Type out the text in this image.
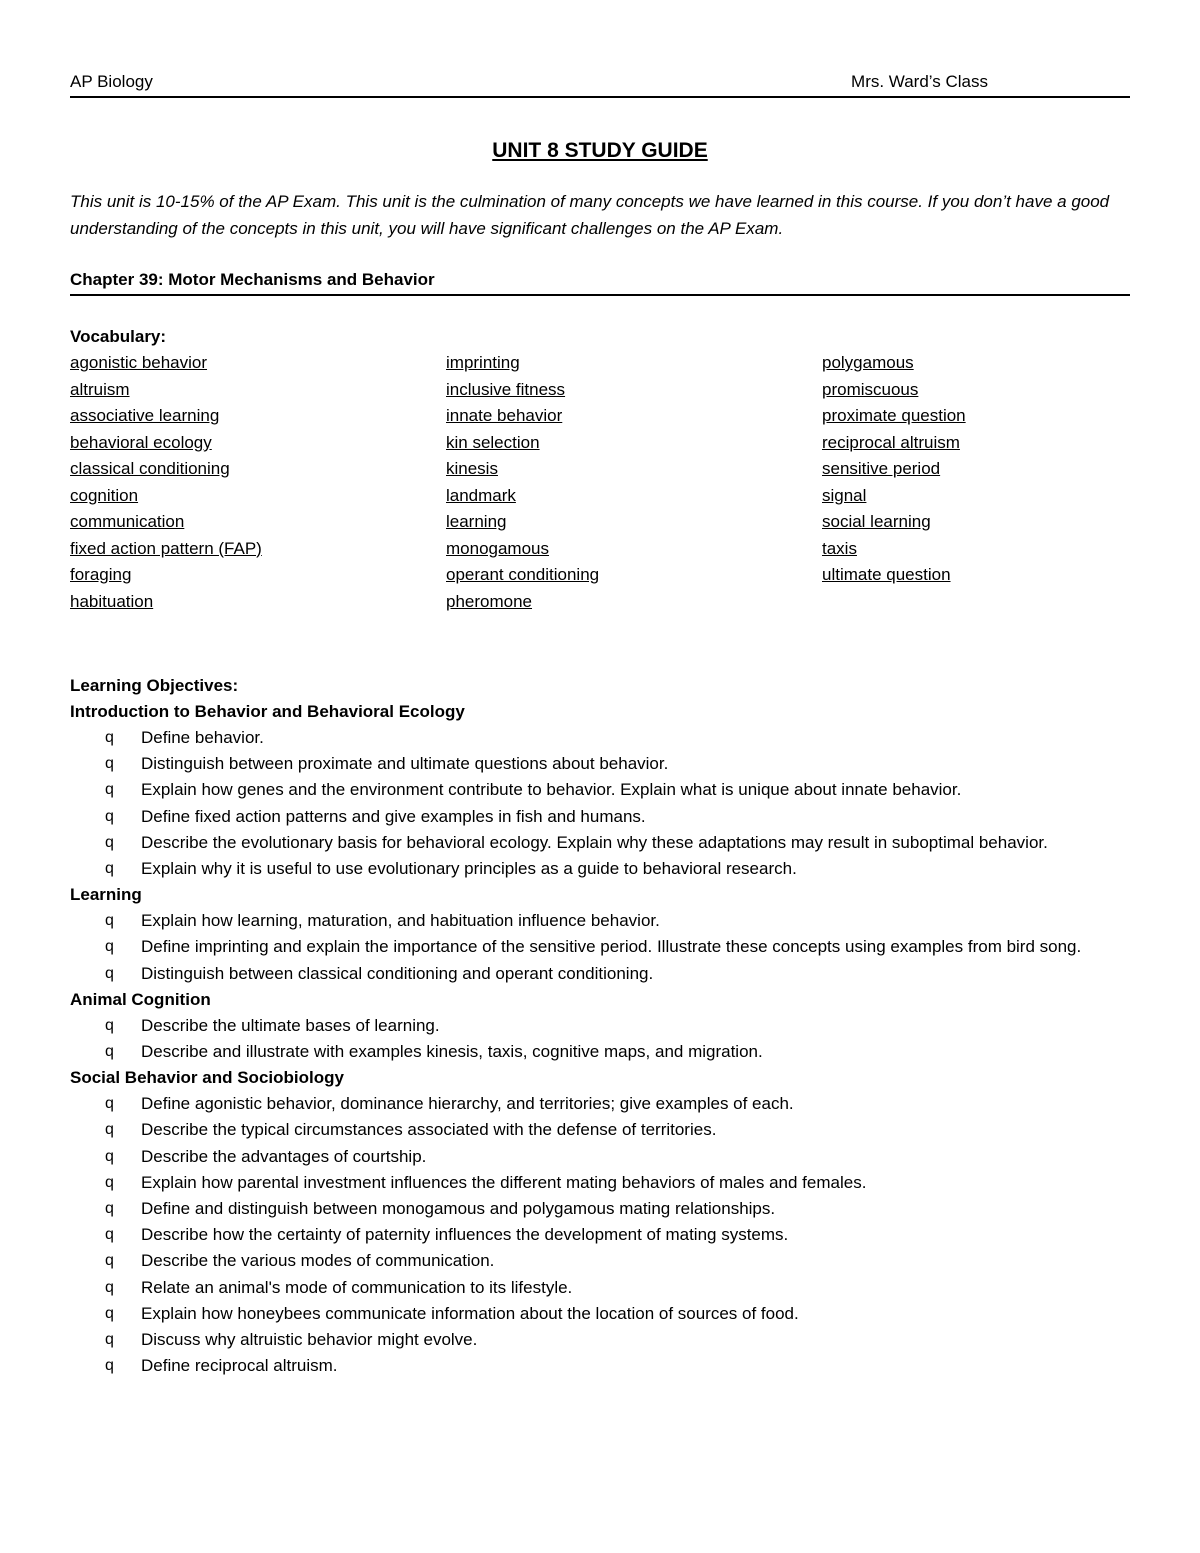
AP Biology	Mrs. Ward’s Class
UNIT 8 STUDY GUIDE
This unit is 10-15% of the AP Exam. This unit is the culmination of many concepts we have learned in this course. If you don’t have a good understanding of the concepts in this unit, you will have significant challenges on the AP Exam.
Chapter 39: Motor Mechanisms and Behavior
Vocabulary:
agonistic behavior
altruism
associative learning
behavioral ecology
classical conditioning
cognition
communication
fixed action pattern (FAP)
foraging
habituation
imprinting
inclusive fitness
innate behavior
kin selection
kinesis
landmark
learning
monogamous
operant conditioning
pheromone
polygamous
promiscuous
proximate question
reciprocal altruism
sensitive period
signal
social learning
taxis
ultimate question
Learning Objectives:
Introduction to Behavior and Behavioral Ecology
q	Define behavior.
q	Distinguish between proximate and ultimate questions about behavior.
q	Explain how genes and the environment contribute to behavior. Explain what is unique about innate behavior.
q	Define fixed action patterns and give examples in fish and humans.
q	Describe the evolutionary basis for behavioral ecology. Explain why these adaptations may result in suboptimal behavior.
q	Explain why it is useful to use evolutionary principles as a guide to behavioral research.
Learning
q	Explain how learning, maturation, and habituation influence behavior.
q	Define imprinting and explain the importance of the sensitive period. Illustrate these concepts using examples from bird song.
q	Distinguish between classical conditioning and operant conditioning.
Animal Cognition
q	Describe the ultimate bases of learning.
q	Describe and illustrate with examples kinesis, taxis, cognitive maps, and migration.
Social Behavior and Sociobiology
q	Define agonistic behavior, dominance hierarchy, and territories; give examples of each.
q	Describe the typical circumstances associated with the defense of territories.
q	Describe the advantages of courtship.
q	Explain how parental investment influences the different mating behaviors of males and females.
q	Define and distinguish between monogamous and polygamous mating relationships.
q	Describe how the certainty of paternity influences the development of mating systems.
q	Describe the various modes of communication.
q	Relate an animal's mode of communication to its lifestyle.
q	Explain how honeybees communicate information about the location of sources of food.
q	Discuss why altruistic behavior might evolve.
q	Define reciprocal altruism.
